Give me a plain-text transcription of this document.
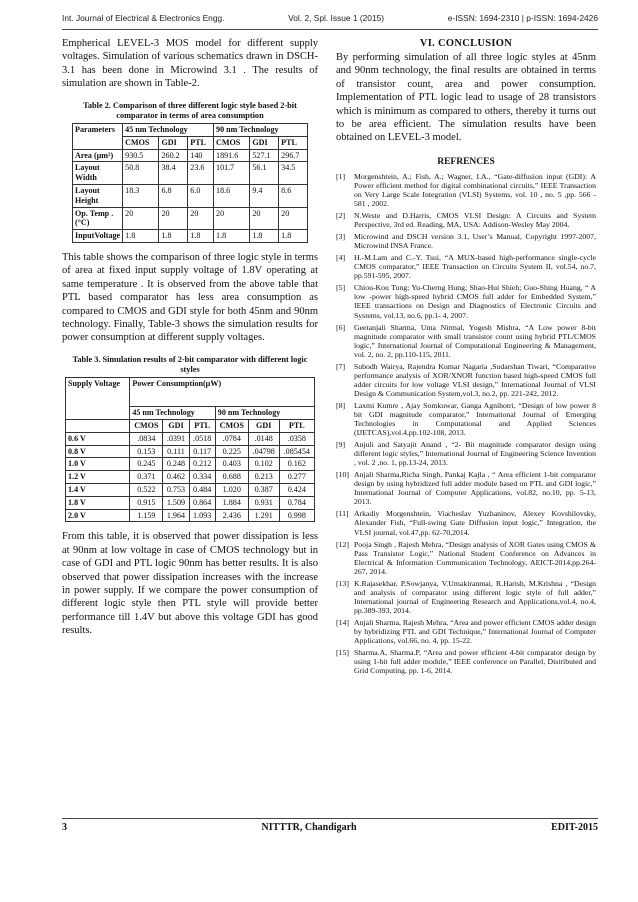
Int. Journal of Electrical & Electronics Engg.	Vol. 2, Spl. Issue 1 (2015)	e-ISSN: 1694-2310 | p-ISSN: 1694-2426

Empherical LEVEL-3 MOS model for different supply voltages. Simulation of various schematics drawn in DSCH-3.1 has been done in Microwind 3.1 . The results of simulation are shown in Table-2.

Table 2. Comparison of three different logic style based 2-bit comparator in terms of area consumption
Parameters	45 nm Technology			90 nm Technology		
	CMOS	GDI	PTL	CMOS	GDI	PTL
Area (µm²)	930.5	260.2	140	1891.6	527.1	296.7
Layout Width	50.8	38.4	23.6	101.7	56.1	34.5
Layout Height	18.3	6.8	6.0	18.6	9.4	8.6
Op. Temp .(°C)	20	20	20	20	20	20
InputVoltage	1.8	1.8	1.8	1.8	1.8	1.8

This table shows the comparison of three logic style in terms of area at fixed input supply voltage of 1.8V operating at same temperature . It is observed from the above table that PTL based comparator has less area consumption as compared to CMOS and GDI style for both 45nm and 90nm technology. Finally, Table-3 shows the simulation results for power consumption at different supply voltages.

Table 3. Simulation results of 2-bit comparator with different logic styles
Supply Voltage	Power Consumption(µW)					
	45 nm Technology			90 nm Technology		
	CMOS	GDI	PTL	CMOS	GDI	PTL
0.6 V	.0834	.0391	.0518	.0784	.0148	.0358
0.8 V	0.153	0.111	0.117	0.225	.04798	.085454
1.0 V	0.245	0.248	0.212	0.403	0.102	0.162
1.2 V	0.371	0.462	0.334	0.688	0.213	0.277
1.4 V	0.522	0.753	0.484	1.020	0.387	0.424
1.8 V	0.915	1.509	0.864	1.884	0.931	0.784
2.0 V	1.159	1.964	1.093	2.436	1.291	0.998

From this table, it is observed that power dissipation is less at 90nm at low voltage in case of CMOS technology but in case of GDI and PTL logic 90nm has better results. It is also observed that power dissipation increases with the increase in power supply. If we compare the power consumption of different logic style then PTL style will provide better performance till 1.4V but above this voltage GDI has good results.

VI. CONCLUSION

By performing simulation of all three logic styles at 45nm and 90nm technology, the final results are obtained in terms of transistor count, area and power consumption. Implementation of PTL logic lead to usage of 28 transistors which is minimum as compared to others, thereby it turns out to be area efficient. The simulation results have been obtained on LEVEL-3 model.

REFRENCES
[1]	Morgenshtein, A.; Fish, A.; Wagner, I.A., “Gate-diffusion input (GDI): A Power efficient method for digital combinational circuits,” IEEE Transaction on Very Large Scale Integration (VLSI) Systems, vol. 10 , no. 5 ,pp. 566 - 581 , 2002.
[2]	N.Weste and D.Harris, CMOS VLSI Design: A Circuits and System Perspective, 3rd ed. Reading, MA, USA: Addison-Wesley May 2004.
[3]	Microwind and DSCH version 3.1, User’s Manual, Copyright 1997-2007, Microwind INSA France.
[4]	H.-M.Lam and C.-Y. Tsui, “A MUX-based high-performance single-cycle CMOS comparator,” IEEE Transaction on Circuits System II, vol.54, no.7, pp.591-595, 2007.
[5]	Chiou-Kou Tung; Yu-Cherng Hung; Shao-Hui Shieh; Guo-Shing Huang, “ A low -power high-speed hybrid CMOS full adder for Embedded System,” IEEE transactions on Design and Diagnostics of Electronic Circuits and Systems, vol.13, no.6, pp.1- 4, 2007.
[6]	Geetanjali Sharma, Uma Nirmal, Yogesh Mishra, “A Low power 8-bit magnitude comparator with small transistor count using hybrid PTL/CMOS logic,” International Journal of Computational Engineering & Management, vol. 2, no. 2, pp.110-115, 2011.
[7]	Subodh Wairya, Rajendra Kumar Nagaria ,Sudarshan Tiwari, “Comparative performance analysis of XOR/XNOR function based high-speed CMOS full adder circuits for low voltage VLSI design,” International Journal of VLSI Design & Communication System,vol.3, no.2, pp. 221-242, 2012.
[8]	Laxmi Kumre , Ajay Somkuwar, Ganga Agnihotri, “Design of low power 8 bit GDI magnitude comparator,” International Journal of Emerging Technologies in Computational and Applied Sciences (IJETCAS),vol.4,pp.102-108, 2013.
[9]	Anjuli and Satyajit Anand , “2- Bit magnitude comparator design using different logic styles,” International Journal of Engineering Science Invention , vol. 2 ,no. 1, pp.13-24, 2013.
[10] Anjali Sharma,Richa Singh, Pankaj Kajla , “ Area efficient 1-bit comparator design by using hybridized full adder module based on PTL and GDI logic,” International Journal of Computer Applications, vol.82, no.10, pp. 5-13, 2013.
[11] Arkadiy Morgenshtein, Viacheslav Yuzhaninov, Alexey Kovshilovsky, Alexander Fish, “Full-swing Gate Diffusion input logic,” Integration, the VLSI journal, vol.47,pp. 62-70,2014.
[12] Pooja Singh , Rajesh Mehra, “Design analysis of XOR Gates using CMOS & Pass Transistor Logic,” National Student Conference on Advances in Electrical & Information Communication Technology, AEICT-2014,pp.264-267, 2014.
[13] K.Rajasekhar, P.Sowjanya, V.Umakiranmai, R.Harish, M.Krishna , “Design and analysis of comparator using different logic style of full adder,” International journal of Engineering Research and Applications,vol.4, no.4, pp.389-393, 2014.
[14] Anjali Sharma, Rajesh Mehra, “Area and power efficient CMOS adder design by hybridizing PTL and GDI Technique,” International Journal of Computer Applications, vol.66, no. 4, pp. 15-22.
[15] Sharma.A, Sharma.P, “Area and power efficient 4-bit comparator design by using 1-bit full adder module,” IEEE conference on Parallel, Distributed and Grid Computing, pp. 1-6, 2014.
3	NITTTR, Chandigarh	EDIT-2015
